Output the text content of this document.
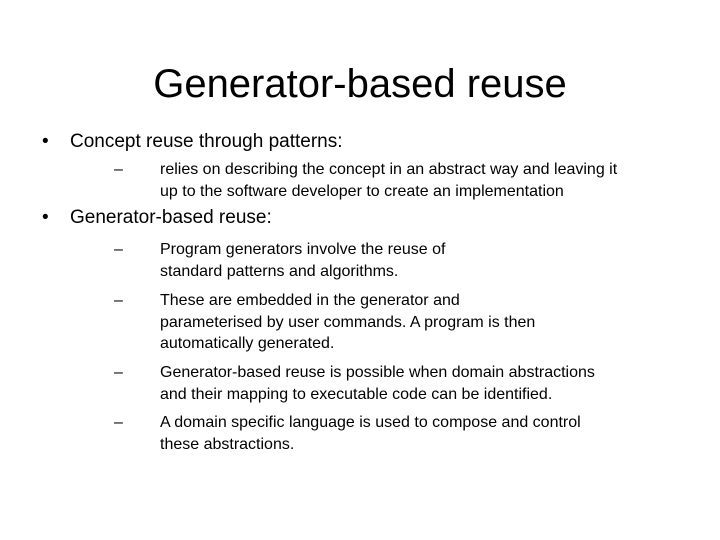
Generator-based reuse
•	Concept reuse through patterns:
– relies on describing the concept in an abstract way and leaving it
up to the software developer to create an implementation
•	Generator-based reuse:
– Program generators involve the reuse of
standard patterns and algorithms.
– These are embedded in the generator and
parameterised by user commands. A program is then
automatically generated.
– Generator-based reuse is possible when domain abstractions
and their mapping to executable code can be identified.
– A domain specific language is used to compose and control
these abstractions.
